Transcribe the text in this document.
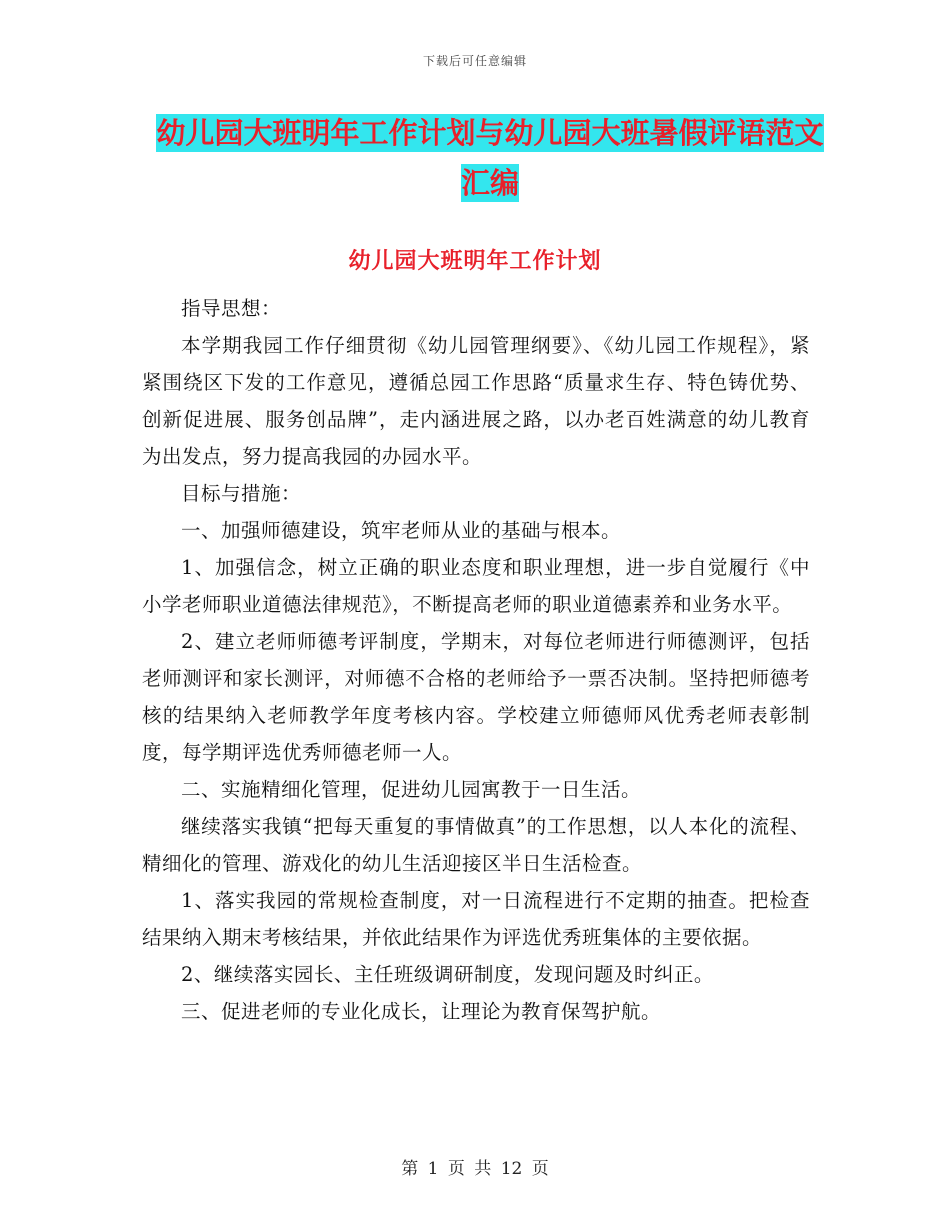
下载后可任意编辑
幼儿园大班明年工作计划与幼儿园大班暑假评语范文
汇编
幼儿园大班明年工作计划

指导思想：

本学期我园工作仔细贯彻《幼儿园管理纲要》、《幼儿园工作规程》，紧紧围绕区下发的工作意见，遵循总园工作思路“质量求生存、特色铸优势、创新促进展、服务创品牌”，走内涵进展之路，以办老百姓满意的幼儿教育为出发点，努力提高我园的办园水平。

目标与措施：

一、加强师德建设，筑牢老师从业的基础与根本。

1、加强信念，树立正确的职业态度和职业理想，进一步自觉履行《中小学老师职业道德法律规范》，不断提高老师的职业道德素养和业务水平。

2、建立老师师德考评制度，学期末，对每位老师进行师德测评，包括老师测评和家长测评，对师德不合格的老师给予一票否决制。坚持把师德考核的结果纳入老师教学年度考核内容。学校建立师德师风优秀老师表彰制度，每学期评选优秀师德老师一人。

二、实施精细化管理，促进幼儿园寓教于一日生活。

继续落实我镇“把每天重复的事情做真”的工作思想，以人本化的流程、精细化的管理、游戏化的幼儿生活迎接区半日生活检查。

1、落实我园的常规检查制度，对一日流程进行不定期的抽查。把检查结果纳入期末考核结果，并依此结果作为评选优秀班集体的主要依据。

2、继续落实园长、主任班级调研制度，发现问题及时纠正。

三、促进老师的专业化成长，让理论为教育保驾护航。

第 1 页 共 12 页
